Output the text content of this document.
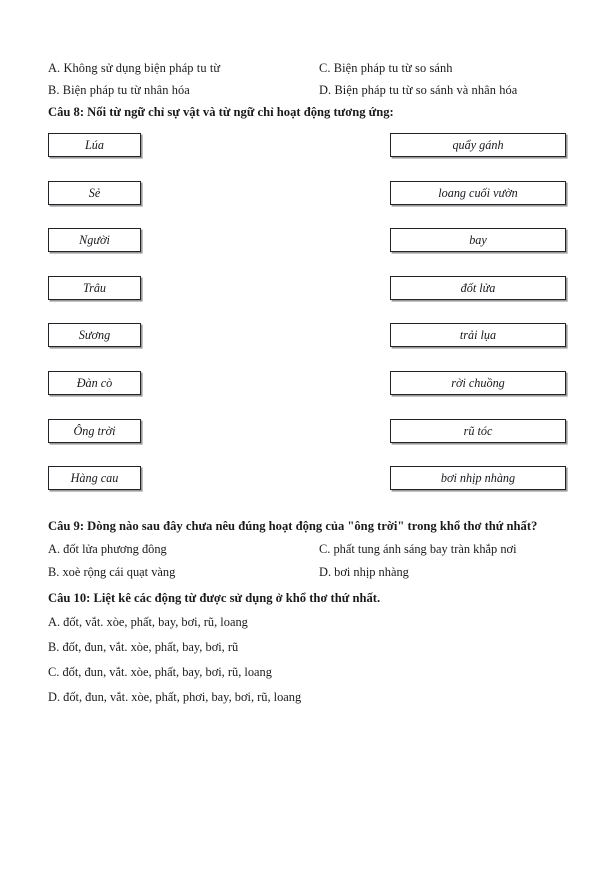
A. Không sử dụng biện pháp tu từ	C. Biện pháp tu từ so sánh
B. Biện pháp tu từ nhân hóa	D. Biện pháp tu từ so sánh và nhân hóa
Câu 8: Nối từ ngữ chỉ sự vật và từ ngữ chỉ hoạt động tương ứng:
Lúa
Sẻ
Người
Trâu
Sương
Đàn cò
Ông trời
Hàng cau
quẩy gánh
loang cuối vườn
bay
đốt lửa
trải lụa
rời chuồng
rũ tóc
bơi nhịp nhàng
Câu 9: Dòng nào sau đây chưa nêu đúng hoạt động của "ông trời" trong khổ thơ thứ nhất?
A. đốt lửa phương đông	C. phất tung ánh sáng bay tràn khắp nơi
B. xoè rộng cái quạt vàng	D. bơi nhịp nhàng
Câu 10: Liệt kê các động từ được sử dụng ở khổ thơ thứ nhất.
A. đốt, vắt. xòe, phất, bay, bơi, rũ, loang
B. đốt, đun, vắt. xòe, phất, bay, bơi, rũ
C. đốt, đun, vắt. xòe, phất, bay, bơi, rũ, loang
D. đốt, đun, vắt. xòe, phất, phơi, bay, bơi, rũ, loang
